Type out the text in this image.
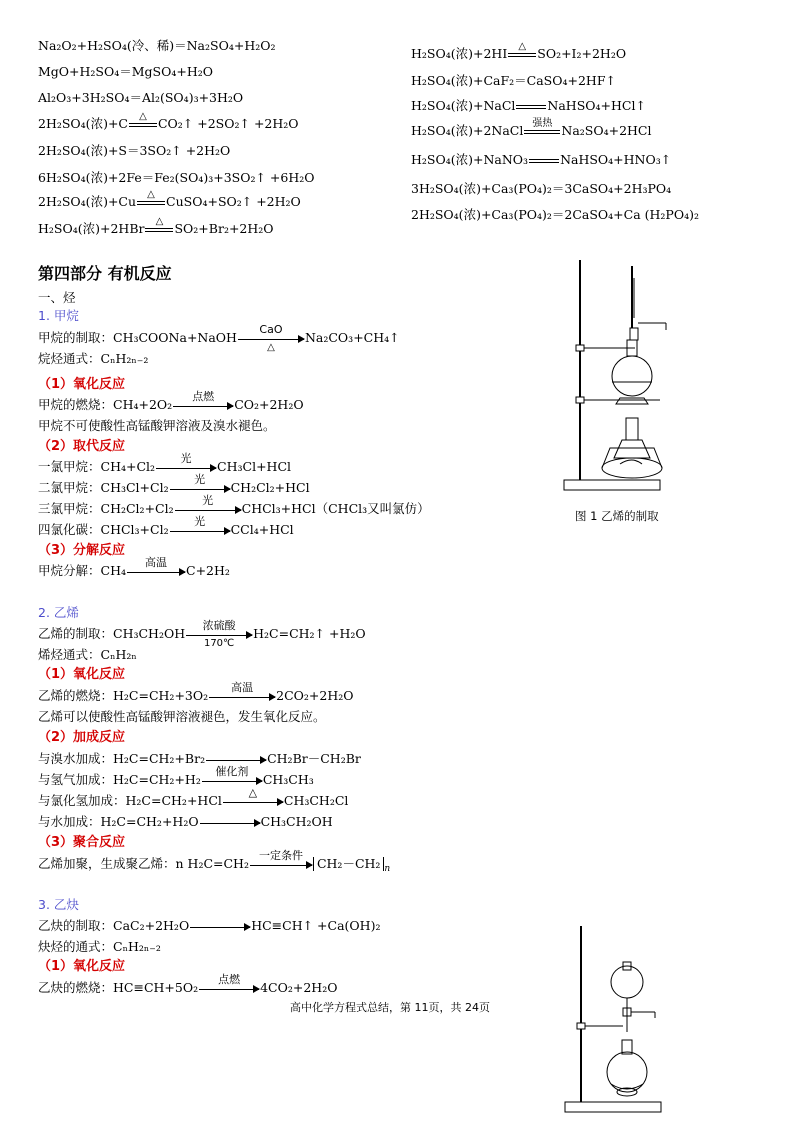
Na₂O₂+H₂SO₄(冷、稀)＝Na₂SO₄+H₂O₂
MgO+H₂SO₄＝MgSO₄+H₂O
Al₂O₃+3H₂SO₄＝Al₂(SO₄)₃+3H₂O
2H₂SO₄(浓)+C	△ CO₂↑ +2SO₂↑ +2H₂O
2H₂SO₄(浓)+S＝3SO₂↑ +2H₂O
6H₂SO₄(浓)+2Fe＝Fe₂(SO₄)₃+3SO₂↑ +6H₂O
2H₂SO₄(浓)+Cu	△ CuSO₄+SO₂↑ +2H₂O
H₂SO₄(浓)+2HBr	△ SO₂+Br₂+2H₂O
H₂SO₄(浓)+2HI	△ SO₂+I₂+2H₂O
H₂SO₄(浓)+CaF₂＝CaSO₄+2HF↑
H₂SO₄(浓)+NaCl	NaHSO₄+HCl↑
H₂SO₄(浓)+2NaCl 强热 Na₂SO₄+2HCl
H₂SO₄(浓)+NaNO₃	NaHSO₄+HNO₃↑
3H₂SO₄(浓)+Ca₃(PO₄)₂＝3CaSO₄+2H₃PO₄
2H₂SO₄(浓)+Ca₃(PO₄)₂＝2CaSO₄+Ca (H₂PO₄)₂
第四部分 有机反应
一、烃
1. 甲烷
甲烷的制取：CH₃COONa+NaOH
CaO
△
Na₂CO₃+CH₄↑
烷烃通式：CₙH₂ₙ₋₂
（1）氧化反应
甲烷的燃烧：CH₄+2O₂
点燃
CO₂+2H₂O
甲烷不可使酸性高锰酸钾溶液及溴水褪色。
（2）取代反应
一氯甲烷：CH₄+Cl₂
光
CH₃Cl+HCl
二氯甲烷：CH₃Cl+Cl₂
光
CH₂Cl₂+HCl
三氯甲烷：CH₂Cl₂+Cl₂
光
CHCl₃+HCl（CHCl₃又叫氯仿）
四氯化碳：CHCl₃+Cl₂
光
CCl₄+HCl
（3）分解反应
甲烷分解：CH₄
高温
C+2H₂
2. 乙烯
乙烯的制取：CH₃CH₂OH
浓硫酸
170℃
H₂C=CH₂↑ +H₂O
烯烃通式：CₙH₂ₙ
（1）氧化反应
乙烯的燃烧：H₂C=CH₂+3O₂
高温
2CO₂+2H₂O
乙烯可以使酸性高锰酸钾溶液褪色，发生氧化反应。
（2）加成反应
与溴水加成：H₂C=CH₂+Br₂	CH₂Br－CH₂Br
与氢气加成：H₂C=CH₂+H₂
催化剂
CH₃CH₃
与氯化氢加成：H₂C=CH₂+HCl
△
CH₃CH₂Cl
与水加成：H₂C=CH₂+H₂O	CH₃CH₂OH
（3）聚合反应
乙烯加聚，生成聚乙烯：n H₂C=CH₂
一定条件
CH₂－CH₂ $_n$
3. 乙炔
乙炔的制取：CaC₂+2H₂O	HC≡CH↑ +Ca(OH)₂
炔烃的通式：CₙH₂ₙ₋₂
（1）氧化反应
乙炔的燃烧：HC≡CH+5O₂
点燃
4CO₂+2H₂O
高中化学方程式总结，第 11页，共 24页
图 1 乙烯的制取
